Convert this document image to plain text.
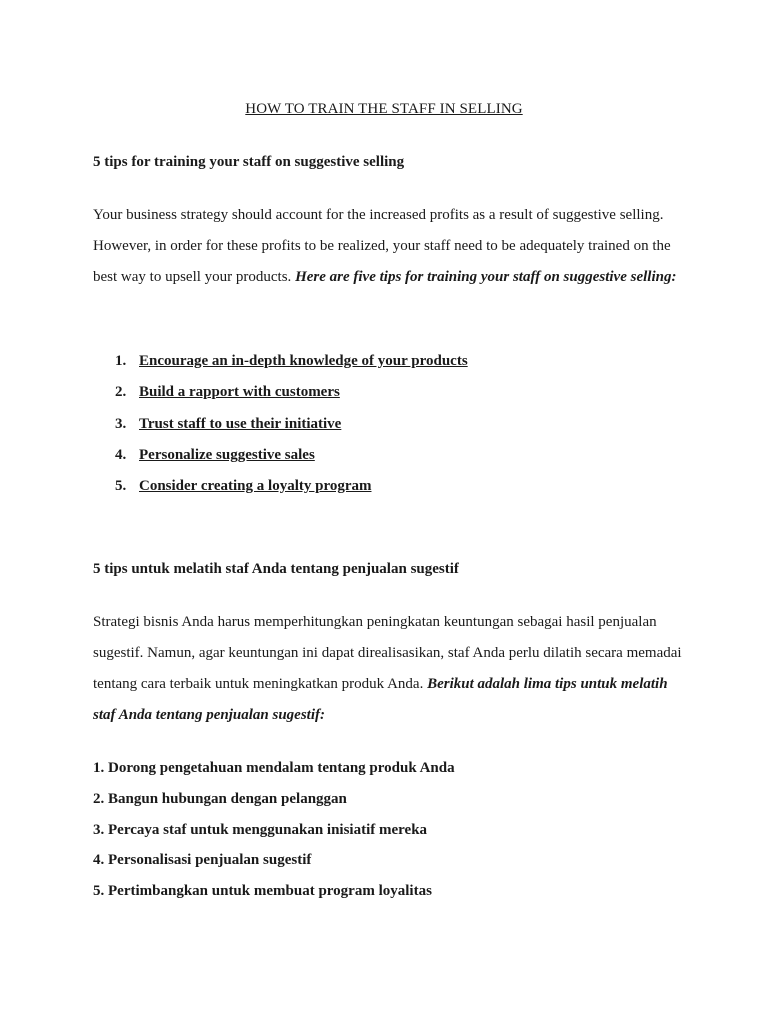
HOW TO TRAIN THE STAFF IN SELLING
5 tips for training your staff on suggestive selling
Your business strategy should account for the increased profits as a result of suggestive selling. However, in order for these profits to be realized, your staff need to be adequately trained on the best way to upsell your products. Here are five tips for training your staff on suggestive selling:
1. Encourage an in-depth knowledge of your products
2. Build a rapport with customers
3. Trust staff to use their initiative
4. Personalize suggestive sales
5. Consider creating a loyalty program
5 tips untuk melatih staf Anda tentang penjualan sugestif
Strategi bisnis Anda harus memperhitungkan peningkatan keuntungan sebagai hasil penjualan sugestif. Namun, agar keuntungan ini dapat direalisasikan, staf Anda perlu dilatih secara memadai tentang cara terbaik untuk meningkatkan produk Anda. Berikut adalah lima tips untuk melatih staf Anda tentang penjualan sugestif:
1. Dorong pengetahuan mendalam tentang produk Anda
2. Bangun hubungan dengan pelanggan
3. Percaya staf untuk menggunakan inisiatif mereka
4. Personalisasi penjualan sugestif
5. Pertimbangkan untuk membuat program loyalitas
